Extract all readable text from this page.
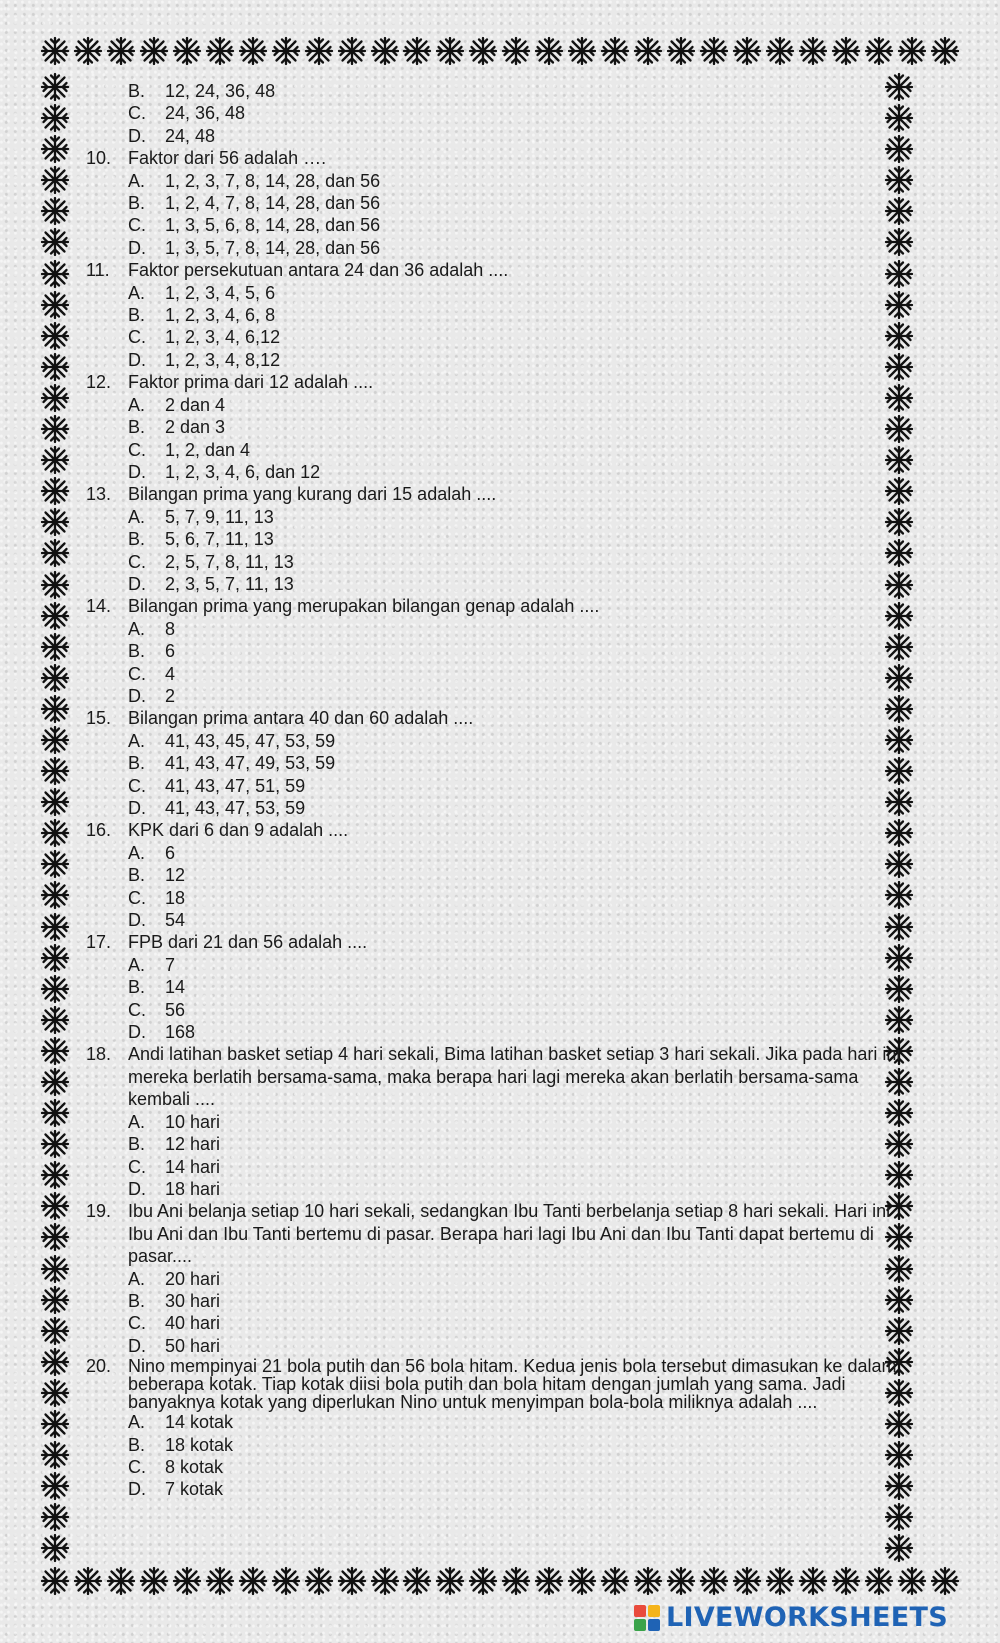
B.	12, 24, 36, 48
C.	24, 36, 48
D.	24, 48
10. Faktor dari 56 adalah ….
A.	1, 2, 3, 7, 8, 14, 28, dan 56
B.	1, 2, 4, 7, 8, 14, 28, dan 56
C.	1, 3, 5, 6, 8, 14, 28, dan 56
D.	1, 3, 5, 7, 8, 14, 28, dan 56
11.	Faktor persekutuan antara 24 dan 36 adalah ....
A.	1, 2, 3, 4, 5, 6
B.	1, 2, 3, 4, 6, 8
C.	1, 2, 3, 4, 6,12
D.	1, 2, 3, 4, 8,12
12. Faktor prima dari 12 adalah ....
A.	2 dan 4
B.	2 dan 3
C.	1, 2, dan 4
D.	1, 2, 3, 4, 6, dan 12
13. Bilangan prima yang kurang dari 15 adalah ....
A.	5, 7, 9, 11, 13
B.	5, 6, 7, 11, 13
C.	2, 5, 7, 8, 11, 13
D.	2, 3, 5, 7, 11, 13
14. Bilangan prima yang merupakan bilangan genap adalah ....
A.	8
B.	6
C.	4
D.	2
15. Bilangan prima antara 40 dan 60 adalah ....
A.	41, 43, 45, 47, 53, 59
B.	41, 43, 47, 49, 53, 59
C.	41, 43, 47, 51, 59
D.	41, 43, 47, 53, 59
16. KPK dari 6 dan 9 adalah ....
A.	6
B.	12
C.	18
D.	54
17. FPB dari 21 dan 56 adalah ....
A.	7
B.	14
C.	56
D.	168
18. Andi latihan basket setiap 4 hari sekali, Bima latihan basket setiap 3 hari sekali. Jika pada hari ini mereka berlatih bersama-sama, maka berapa hari lagi mereka akan berlatih bersama-sama kembali ....
A.	10 hari
B.	12 hari
C.	14 hari
D.	18 hari
19. Ibu Ani belanja setiap 10 hari sekali, sedangkan Ibu Tanti berbelanja setiap 8 hari sekali. Hari ini Ibu Ani dan Ibu Tanti bertemu di pasar. Berapa hari lagi Ibu Ani dan Ibu Tanti dapat bertemu di pasar....
A.	20 hari
B.	30 hari
C.	40 hari
D.	50 hari
20. Nino mempinyai 21 bola putih dan 56 bola hitam. Kedua jenis bola tersebut dimasukan ke dalam beberapa kotak. Tiap kotak diisi bola putih dan bola hitam dengan jumlah yang sama. Jadi banyaknya kotak yang diperlukan Nino untuk menyimpan bola-bola miliknya adalah ....
A.	14 kotak
B.	18 kotak
C.	8 kotak
D.	7 kotak
LIVEWORKSHEETS
